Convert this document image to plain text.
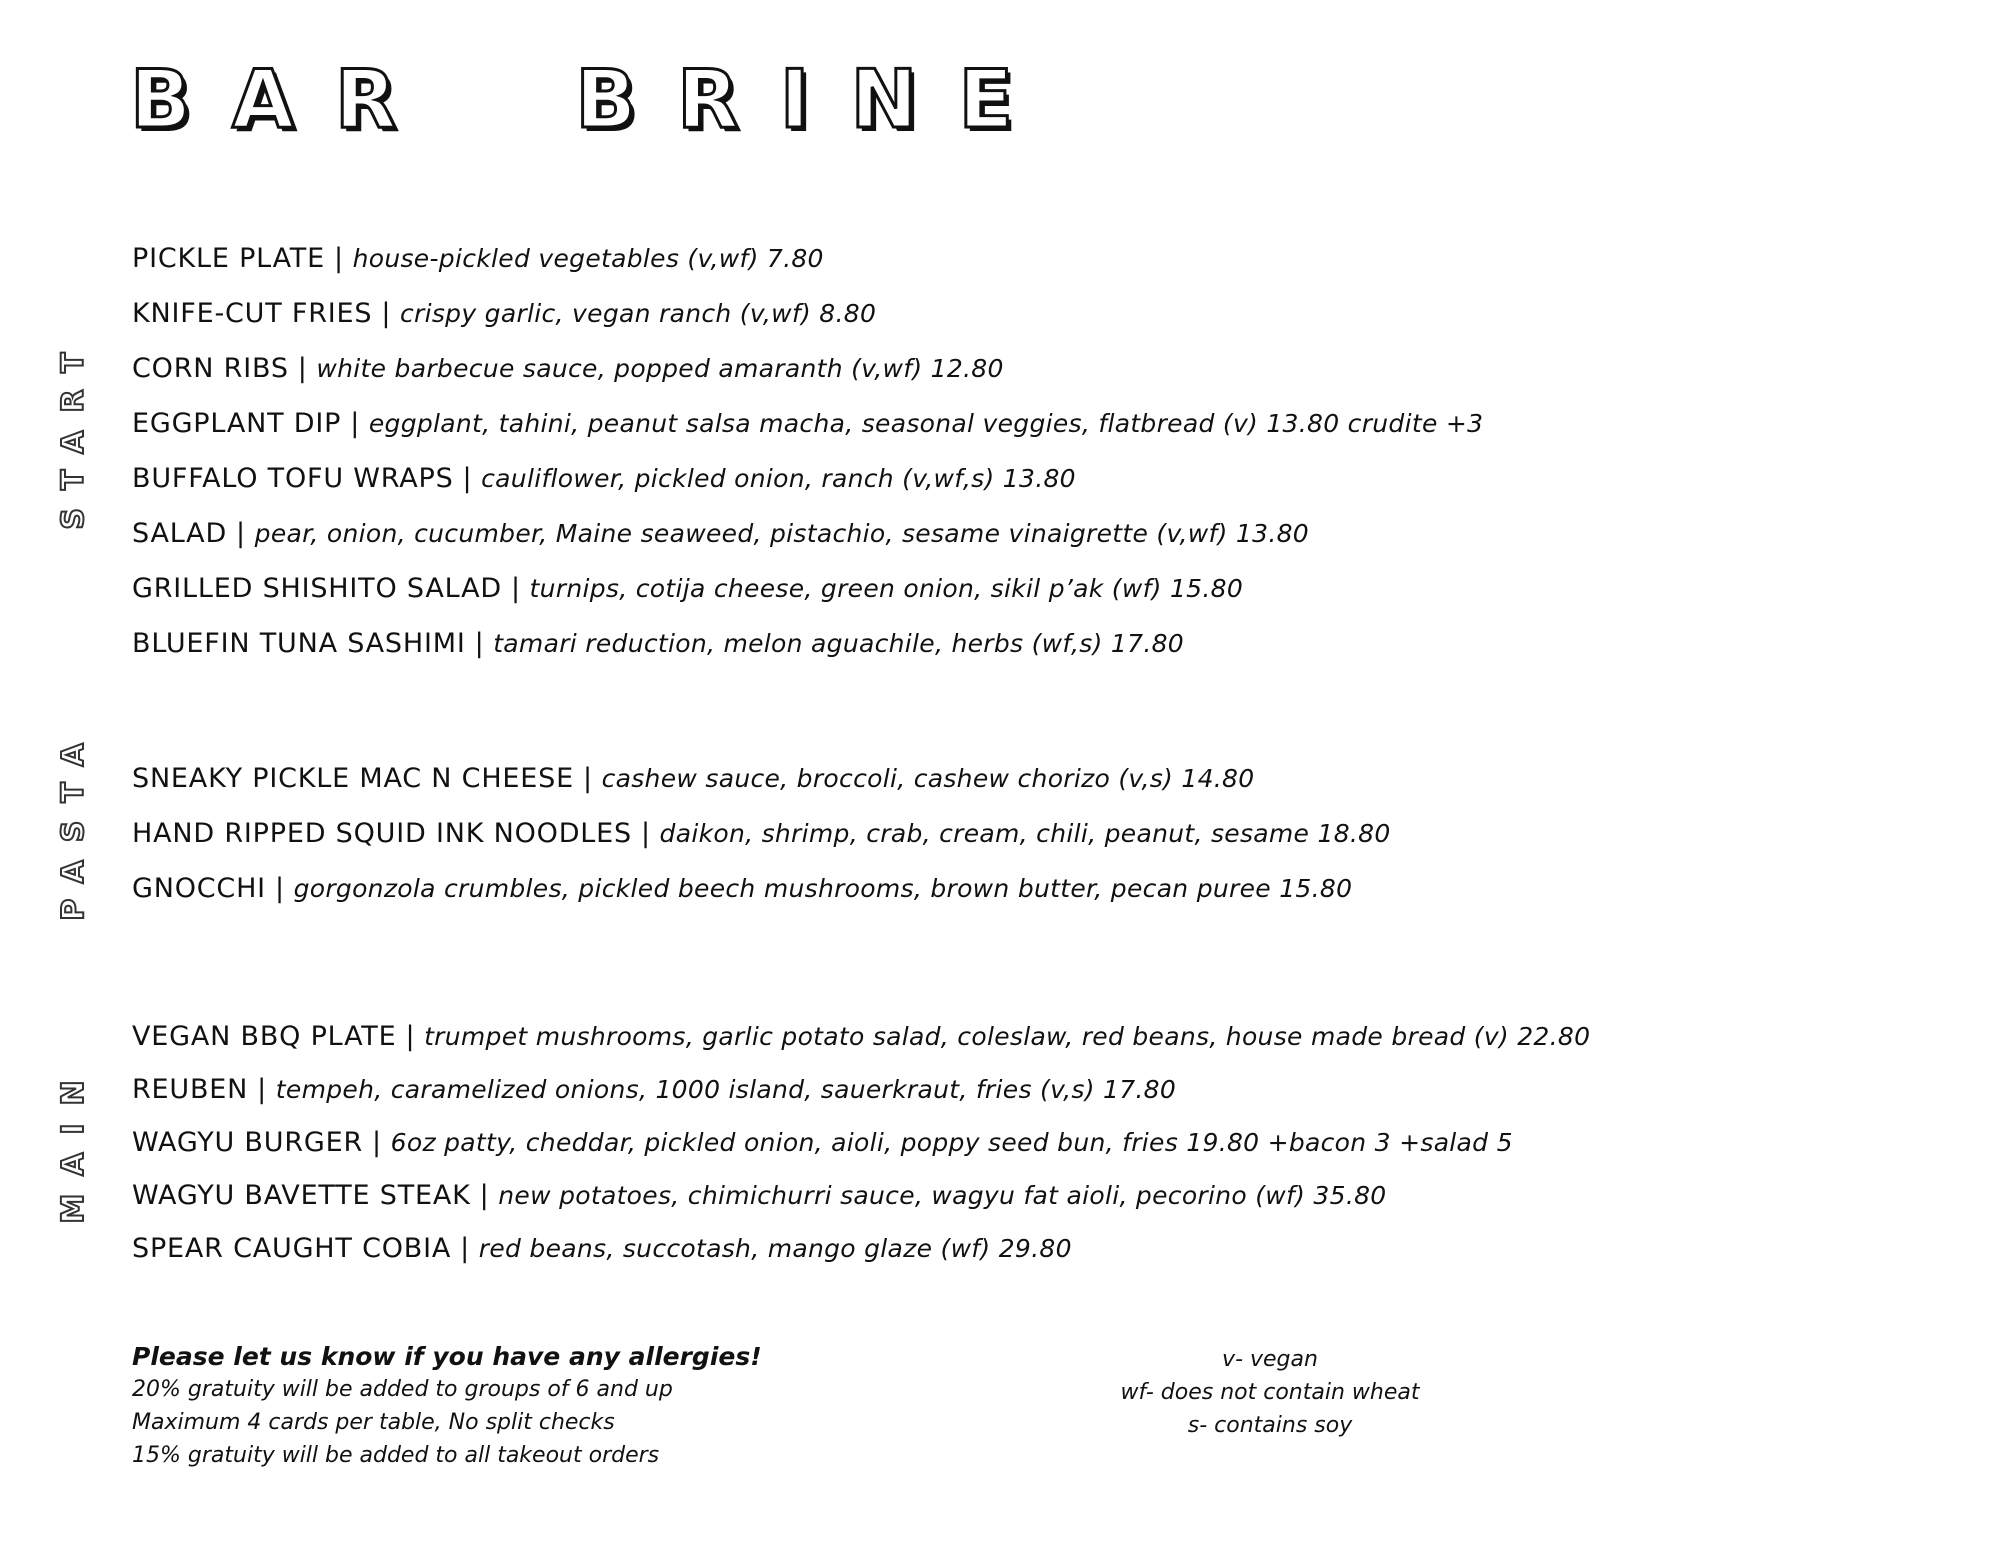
BAR  BRINE
START
PICKLE PLATE | house-pickled vegetables (v,wf) 7.80
KNIFE-CUT FRIES | crispy garlic, vegan ranch (v,wf) 8.80
CORN RIBS | white barbecue sauce, popped amaranth (v,wf) 12.80
EGGPLANT DIP | eggplant, tahini, peanut salsa macha, seasonal veggies, flatbread (v) 13.80 crudite +3
BUFFALO TOFU WRAPS | cauliflower, pickled onion, ranch (v,wf,s) 13.80
SALAD | pear, onion, cucumber, Maine seaweed, pistachio, sesame vinaigrette (v,wf) 13.80
GRILLED SHISHITO SALAD | turnips, cotija cheese, green onion, sikil p’ak (wf) 15.80
BLUEFIN TUNA SASHIMI | tamari reduction, melon aguachile, herbs (wf,s) 17.80
PASTA SNEAKY PICKLE MAC N CHEESE | cashew sauce, broccoli, cashew chorizo (v,s) 14.80
HAND RIPPED SQUID INK NOODLES | daikon, shrimp, crab, cream, chili, peanut, sesame 18.80
GNOCCHI | gorgonzola crumbles, pickled beech mushrooms, brown butter, pecan puree 15.80
MAIN
VEGAN BBQ PLATE | trumpet mushrooms, garlic potato salad, coleslaw, red beans, house made bread (v) 22.80
REUBEN | tempeh, caramelized onions, 1000 island, sauerkraut, fries (v,s) 17.80
WAGYU BURGER | 6oz patty, cheddar, pickled onion, aioli, poppy seed bun, fries 19.80 +bacon 3 +salad 5
WAGYU BAVETTE STEAK | new potatoes, chimichurri sauce, wagyu fat aioli, pecorino (wf) 35.80
SPEAR CAUGHT COBIA | red beans, succotash, mango glaze (wf) 29.80
Please let us know if you have any allergies!
20% gratuity will be added to groups of 6 and up
Maximum 4 cards per table, No split checks
15% gratuity will be added to all takeout orders
v- vegan
wf- does not contain wheat
s- contains soy
